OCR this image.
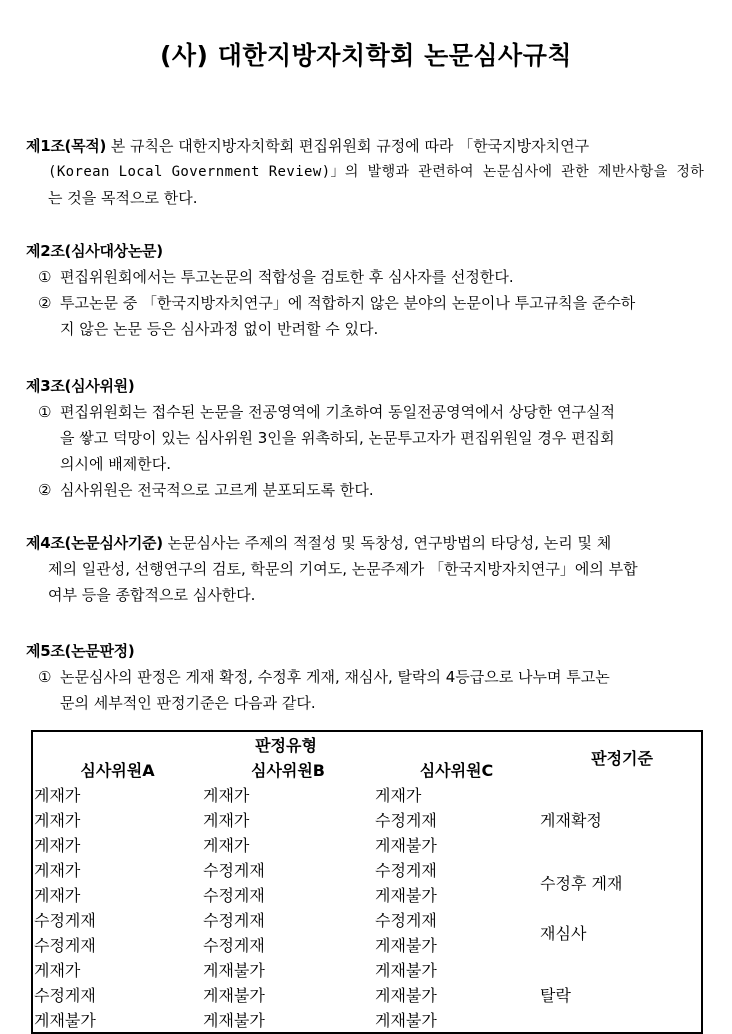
(사) 대한지방자치학회 논문심사규칙
제1조(목적) 본 규칙은 대한지방자치학회 편집위원회 규정에 따라 「한국지방자치연구
(Korean Local Government Review)」의 발행과 관련하여 논문심사에 관한 제반사항을 정하
는 것을 목적으로 한다.
제2조(심사대상논문)
① 편집위원회에서는 투고논문의 적합성을 검토한 후 심사자를 선정한다.
② 투고논문 중 「한국지방자치연구」에 적합하지 않은 분야의 논문이나 투고규칙을 준수하
지 않은 논문 등은 심사과정 없이 반려할 수 있다.
제3조(심사위원)
① 편집위원회는 접수된 논문을 전공영역에 기초하여 동일전공영역에서 상당한 연구실적
을 쌓고 덕망이 있는 심사위원 3인을 위촉하되, 논문투고자가 편집위원일 경우 편집회
의시에 배제한다.
② 심사위원은 전국적으로 고르게 분포되도록 한다.
제4조(논문심사기준) 논문심사는 주제의 적절성 및 독창성, 연구방법의 타당성, 논리 및 체
제의 일관성, 선행연구의 검토, 학문의 기여도, 논문주제가 「한국지방자치연구」에의 부합
여부 등을 종합적으로 심사한다.
제5조(논문판정)
① 논문심사의 판정은 게재 확정, 수정후 게재, 재심사, 탈락의 4등급으로 나누며 투고논
문의 세부적인 판정기준은 다음과 같다.
판정유형			판정기준
심사위원A	심사위원B	심사위원C	
게재가	게재가	게재가	게재확정
게재가	게재가	수정게재	
게재가	게재가	게재불가	
게재가	수정게재	수정게재	수정후 게재
게재가	수정게재	게재불가	
수정게재	수정게재	수정게재	재심사
수정게재	수정게재	게재불가	
게재가	게재불가	게재불가	탈락
수정게재	게재불가	게재불가	
게재불가	게재불가	게재불가	
